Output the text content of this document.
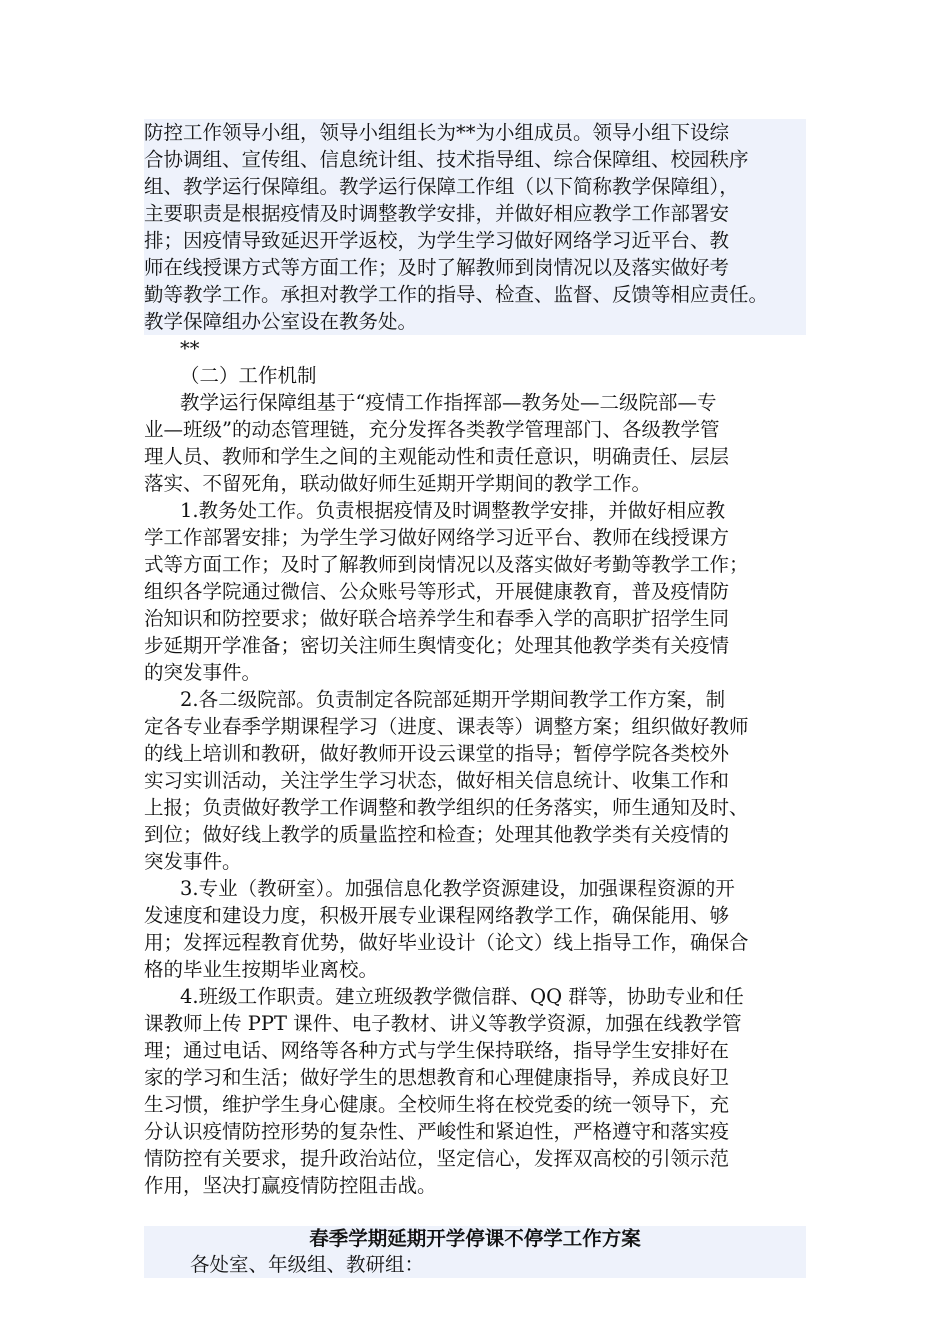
防控工作领导小组，领导小组组长为**为小组成员。领导小组下设综
合协调组、宣传组、信息统计组、技术指导组、综合保障组、校园秩序
组、教学运行保障组。教学运行保障工作组（以下简称教学保障组），
主要职责是根据疫情及时调整教学安排，并做好相应教学工作部署安
排；因疫情导致延迟开学返校，为学生学习做好网络学习近平台、教
师在线授课方式等方面工作；及时了解教师到岗情况以及落实做好考
勤等教学工作。承担对教学工作的指导、检查、监督、反馈等相应责任。
教学保障组办公室设在教务处。
**
（二）工作机制
教学运行保障组基于“疫情工作指挥部—教务处—二级院部—专
业—班级”的动态管理链，充分发挥各类教学管理部门、各级教学管
理人员、教师和学生之间的主观能动性和责任意识，明确责任、层层
落实、不留死角，联动做好师生延期开学期间的教学工作。
1.教务处工作。负责根据疫情及时调整教学安排，并做好相应教
学工作部署安排；为学生学习做好网络学习近平台、教师在线授课方
式等方面工作；及时了解教师到岗情况以及落实做好考勤等教学工作；
组织各学院通过微信、公众账号等形式，开展健康教育，普及疫情防
治知识和防控要求；做好联合培养学生和春季入学的高职扩招学生同
步延期开学准备；密切关注师生舆情变化；处理其他教学类有关疫情
的突发事件。
2.各二级院部。负责制定各院部延期开学期间教学工作方案，制
定各专业春季学期课程学习（进度、课表等）调整方案；组织做好教师
的线上培训和教研，做好教师开设云课堂的指导；暂停学院各类校外
实习实训活动，关注学生学习状态，做好相关信息统计、收集工作和
上报；负责做好教学工作调整和教学组织的任务落实，师生通知及时、
到位；做好线上教学的质量监控和检查；处理其他教学类有关疫情的
突发事件。
3.专业（教研室）。加强信息化教学资源建设，加强课程资源的开
发速度和建设力度，积极开展专业课程网络教学工作，确保能用、够
用；发挥远程教育优势，做好毕业设计（论文）线上指导工作，确保合
格的毕业生按期毕业离校。
4.班级工作职责。建立班级教学微信群、QQ 群等，协助专业和任
课教师上传 PPT 课件、电子教材、讲义等教学资源，加强在线教学管
理；通过电话、网络等各种方式与学生保持联络，指导学生安排好在
家的学习和生活；做好学生的思想教育和心理健康指导，养成良好卫
生习惯，维护学生身心健康。全校师生将在校党委的统一领导下，充
分认识疫情防控形势的复杂性、严峻性和紧迫性，严格遵守和落实疫
情防控有关要求，提升政治站位，坚定信心，发挥双高校的引领示范
作用，坚决打赢疫情防控阻击战。
春季学期延期开学停课不停学工作方案
各处室、年级组、教研组：
